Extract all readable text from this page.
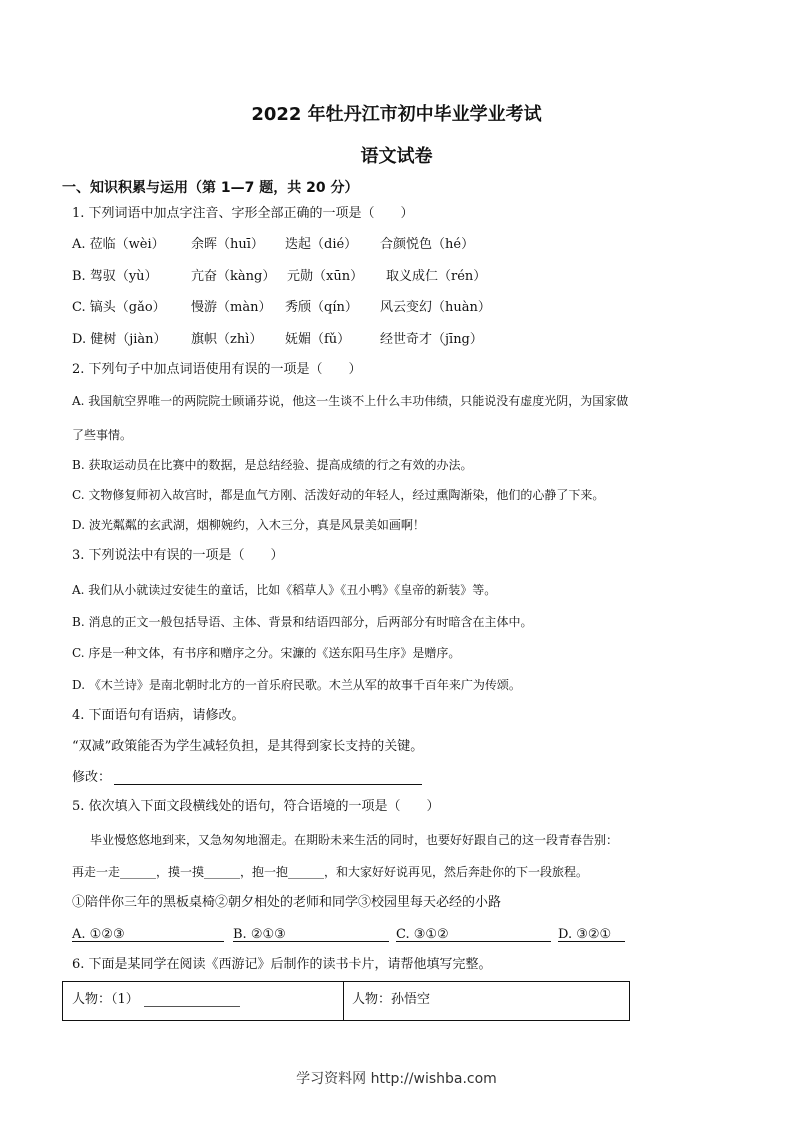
2022 年牡丹江市初中毕业学业考试
语文试卷
一、知识积累与运用（第 1—7 题，共 20 分）
1. 下列词语中加点字注音、字形全部正确的一项是（　　）
A. 莅临（wèi） 余晖（huī） 迭起（dié） 合颜悦色（hé）
B. 驾驭（yù）	亢奋（kàng） 元勋（xūn） 取义成仁（rén）
C. 镐头（gǎo） 慢游（màn） 秀颀（qín） 风云变幻（huàn）
D. 健树（jiàn） 旗帜（zhì） 妩媚（fǔ） 经世奇才（jīng）
2. 下列句子中加点词语使用有误的一项是（　　）
A. 我国航空界唯一的两院院士顾诵芬说，他这一生谈不上什么丰功伟绩，只能说没有虚度光阴，为国家做
了些事情。
B. 获取运动员在比赛中的数据，是总结经验、提高成绩的行之有效的办法。
C. 文物修复师初入故宫时，都是血气方刚、活泼好动的年轻人，经过熏陶渐染，他们的心静了下来。
D. 波光粼粼的玄武湖，烟柳婉约，入木三分，真是风景美如画啊！
3. 下列说法中有误的一项是（　　）
A. 我们从小就读过安徒生的童话，比如《稻草人》《丑小鸭》《皇帝的新装》等。
B. 消息的正文一般包括导语、主体、背景和结语四部分，后两部分有时暗含在主体中。
C. 序是一种文体，有书序和赠序之分。宋濂的《送东阳马生序》是赠序。
D. 《木兰诗》是南北朝时北方的一首乐府民歌。木兰从军的故事千百年来广为传颂。
4. 下面语句有语病，请修改。
“双减”政策能否为学生减轻负担，是其得到家长支持的关键。
修改：
5. 依次填入下面文段横线处的语句，符合语境的一项是（　　）
毕业慢悠悠地到来，又急匆匆地溜走。在期盼未来生活的同时，也要好好跟自己的这一段青春告别：
再走一走______，摸一摸______，抱一抱______，和大家好好说再见，然后奔赴你的下一段旅程。
①陪伴你三年的黑板桌椅②朝夕相处的老师和同学③校园里每天必经的小路
A. ①②③	B. ②①③	C. ③①②	D. ③②①
6. 下面是某同学在阅读《西游记》后制作的读书卡片，请帮他填写完整。
人物：（1）	人物：孙悟空
学习资料网 http://wishba.com
